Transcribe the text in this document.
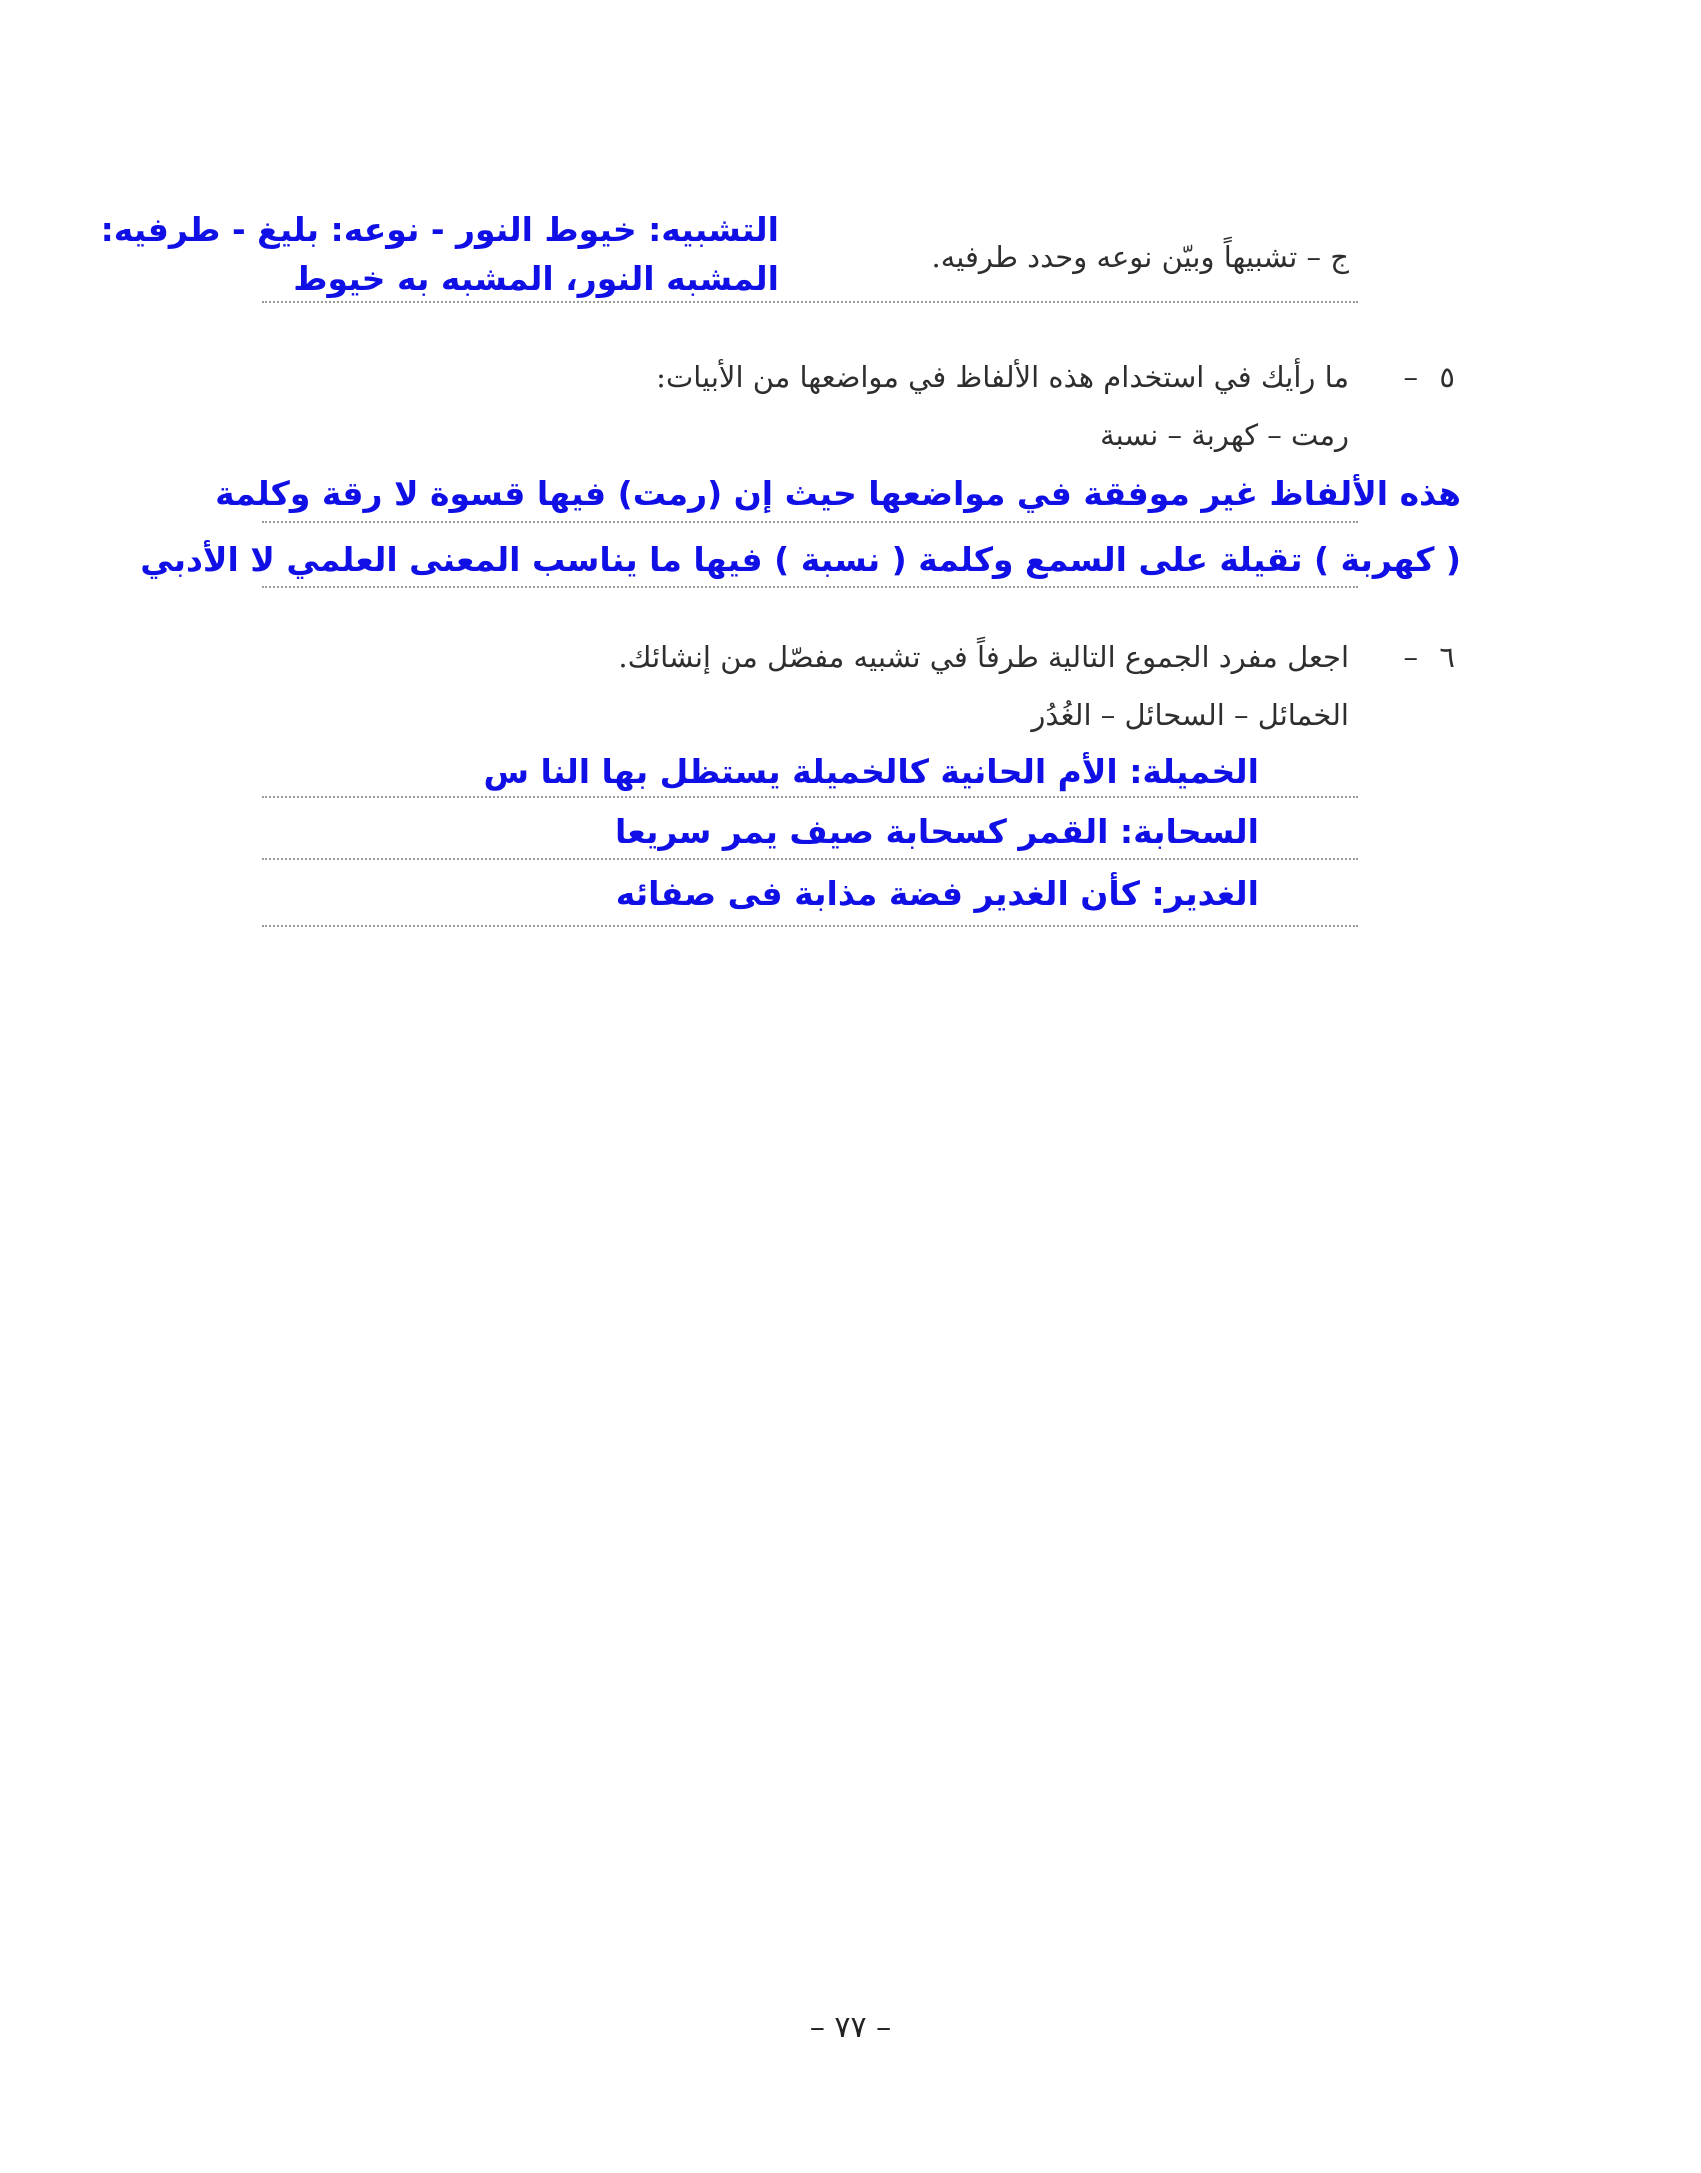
ج – تشبيهاً وبيّن نوعه وحدد طرفيه.
التشبيه: خيوط النور - نوعه: بليغ - طرفيه:
المشبه النور، المشبه به خيوط
٥
–
ما رأيك في استخدام هذه الألفاظ في مواضعها من الأبيات:
رمت – كهربة – نسبة
هذه الألفاظ غير موفقة في مواضعها حيث إن (رمت) فيها قسوة لا رقة وكلمة
( كهربة ) تقيلة على السمع وكلمة ( نسبة ) فيها ما يناسب المعنى العلمي لا الأدبي
٦
–
اجعل مفرد الجموع التالية طرفاً في تشبيه مفصّل من إنشائك.
الخمائل – السحائل – الغُدُر
الخميلة: الأم الحانية كالخميلة يستظل بها النا س
السحابة: القمر كسحابة صيف يمر سريعا
الغدير: كأن الغدير فضة مذابة فى صفائه
– ٧٧ –
